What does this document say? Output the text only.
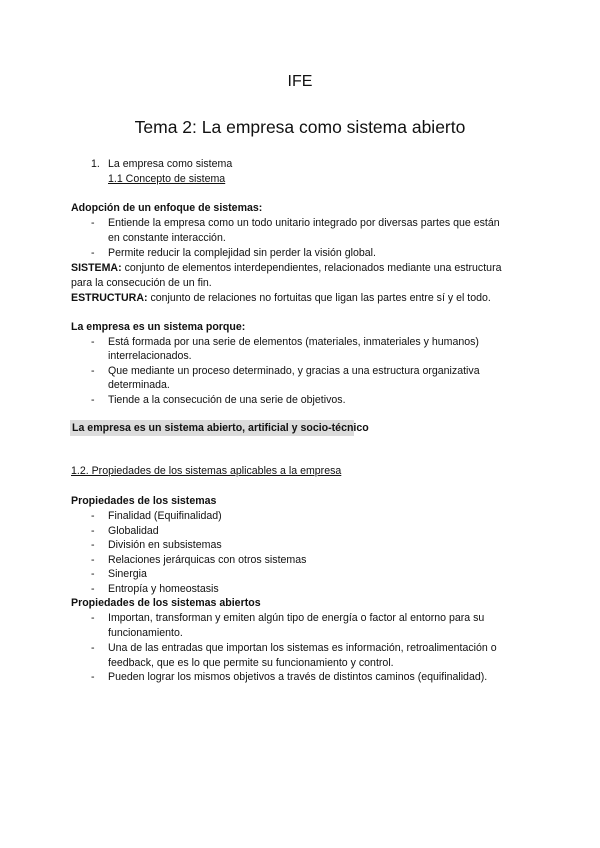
IFE
Tema 2: La empresa como sistema abierto
1. La empresa como sistema
1.1 Concepto de sistema
Adopción de un enfoque de sistemas:
- Entiende la empresa como un todo unitario integrado por diversas partes que están
en constante interacción.
- Permite reducir la complejidad sin perder la visión global.
SISTEMA: conjunto de elementos interdependientes, relacionados mediante una estructura
para la consecución de un fin.
ESTRUCTURA: conjunto de relaciones no fortuitas que ligan las partes entre sí y el todo.
La empresa es un sistema porque:
- Está formada por una serie de elementos (materiales, inmateriales y humanos)
interrelacionados.
- Que mediante un proceso determinado, y gracias a una estructura organizativa
determinada.
- Tiende a la consecución de una serie de objetivos.
La empresa es un sistema abierto, artificial y socio-técnico
1.2. Propiedades de los sistemas aplicables a la empresa
Propiedades de los sistemas
- Finalidad (Equifinalidad)
- Globalidad
- División en subsistemas
- Relaciones jerárquicas con otros sistemas
- Sinergia
- Entropía y homeostasis
Propiedades de los sistemas abiertos
- Importan, transforman y emiten algún tipo de energía o factor al entorno para su
funcionamiento.
- Una de las entradas que importan los sistemas es información, retroalimentación o
feedback, que es lo que permite su funcionamiento y control.
- Pueden lograr los mismos objetivos a través de distintos caminos (equifinalidad).
